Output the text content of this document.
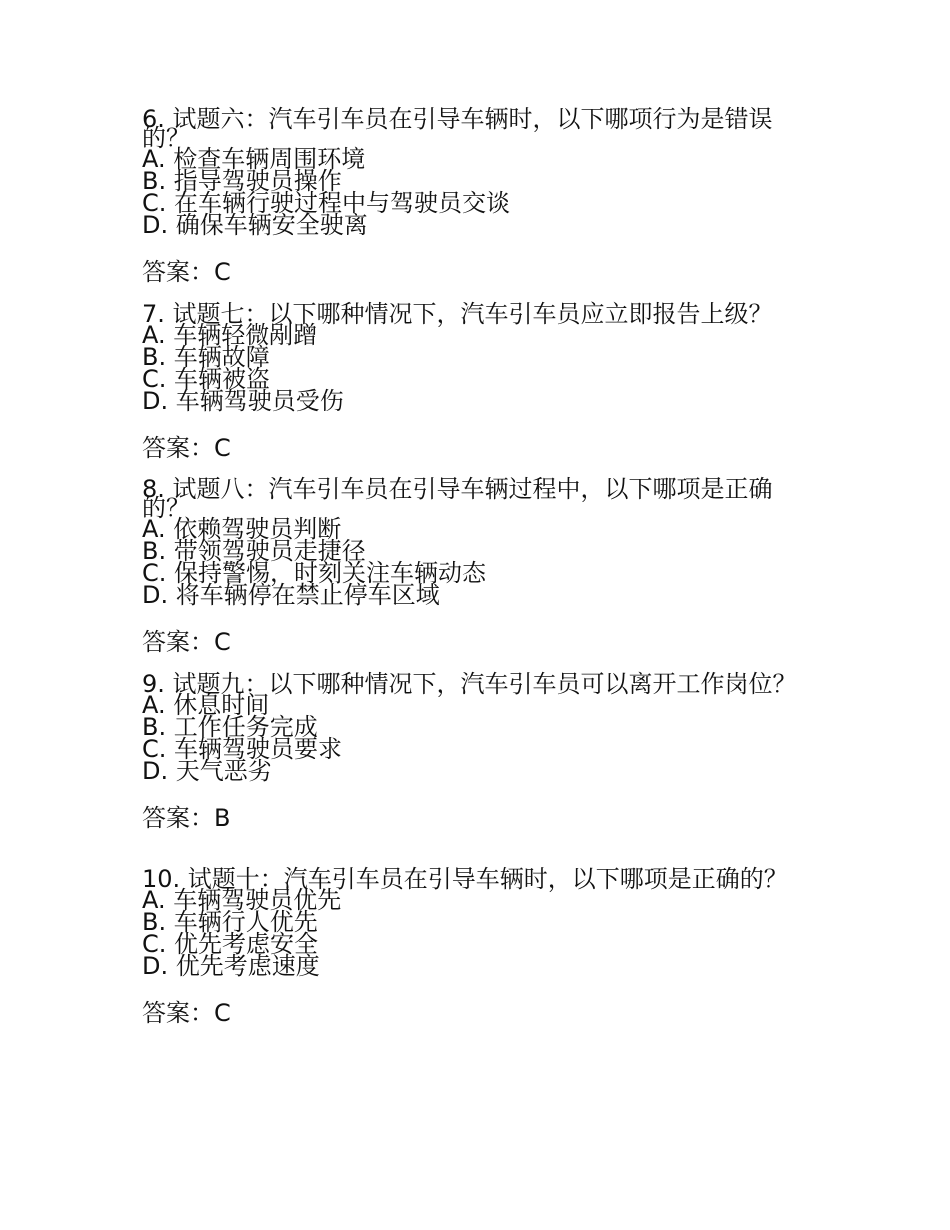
6. 试题六：汽车引车员在引导车辆时，以下哪项行为是错误的？

A. 检查车辆周围环境
B. 指导驾驶员操作
C. 在车辆行驶过程中与驾驶员交谈
D. 确保车辆安全驶离
答案：C

7. 试题七：以下哪种情况下，汽车引车员应立即报告上级？

A. 车辆轻微剐蹭
B. 车辆故障
C. 车辆被盗
D. 车辆驾驶员受伤
答案：C

8. 试题八：汽车引车员在引导车辆过程中，以下哪项是正确的？

A. 依赖驾驶员判断
B. 带领驾驶员走捷径
C. 保持警惕，时刻关注车辆动态
D. 将车辆停在禁止停车区域
答案：C

9. 试题九：以下哪种情况下，汽车引车员可以离开工作岗位？

A. 休息时间
B. 工作任务完成
C. 车辆驾驶员要求
D. 天气恶劣
答案：B

10. 试题十：汽车引车员在引导车辆时，以下哪项是正确的？

A. 车辆驾驶员优先
B. 车辆行人优先
C. 优先考虑安全
D. 优先考虑速度
答案：C
